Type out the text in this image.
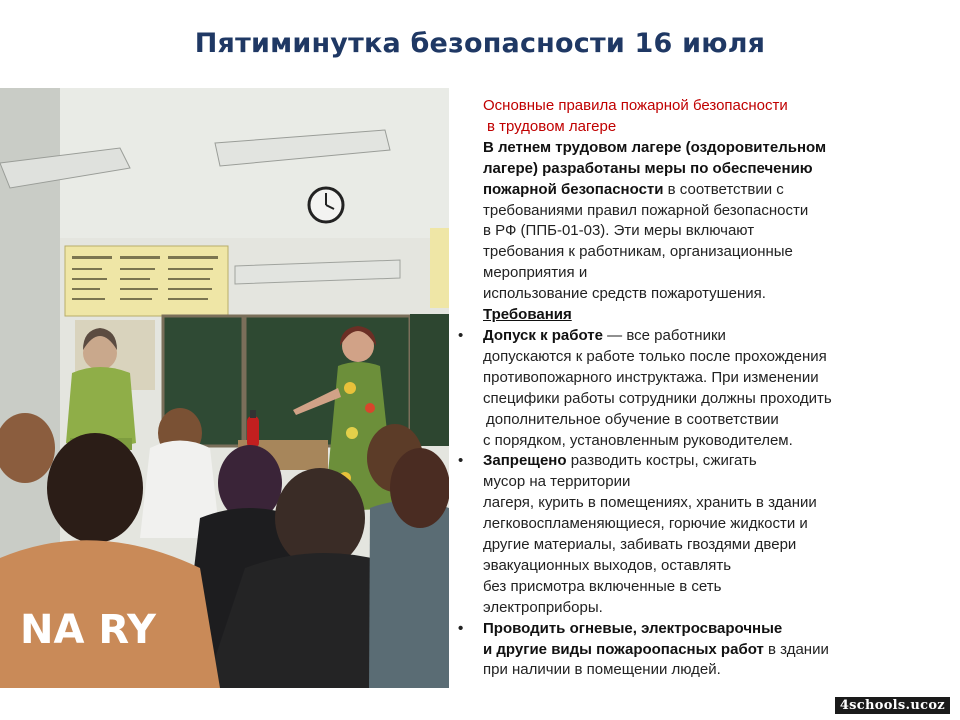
Пятиминутка безопасности 16 июля
NA RY
Основные правила пожарной безопасности
в трудовом лагере
В летнем трудовом лагере (оздоровительном
лагере) разработаны меры по обеспечению
пожарной безопасности в соответствии с
требованиями правил пожарной безопасности
в РФ (ППБ-01-03). Эти меры включают
требования к работникам, организационные
мероприятия и
использование средств пожаротушения.
Требования
• Допуск к работе — все работники
допускаются к работе только после прохождения
противопожарного инструктажа. При изменении
специфики работы сотрудники должны проходить
дополнительное обучение в соответствии
с порядком, установленным руководителем.
• Запрещено разводить костры, сжигать
мусор на территории
лагеря, курить в помещениях, хранить в здании
легковоспламеняющиеся, горючие жидкости и
другие материалы, забивать гвоздями двери
эвакуационных выходов, оставлять
без присмотра включенные в сеть
электроприборы.
• Проводить огневые, электросварочные
и другие виды пожароопасных работ в здании
при наличии в помещении людей.
4schools.ucoz
